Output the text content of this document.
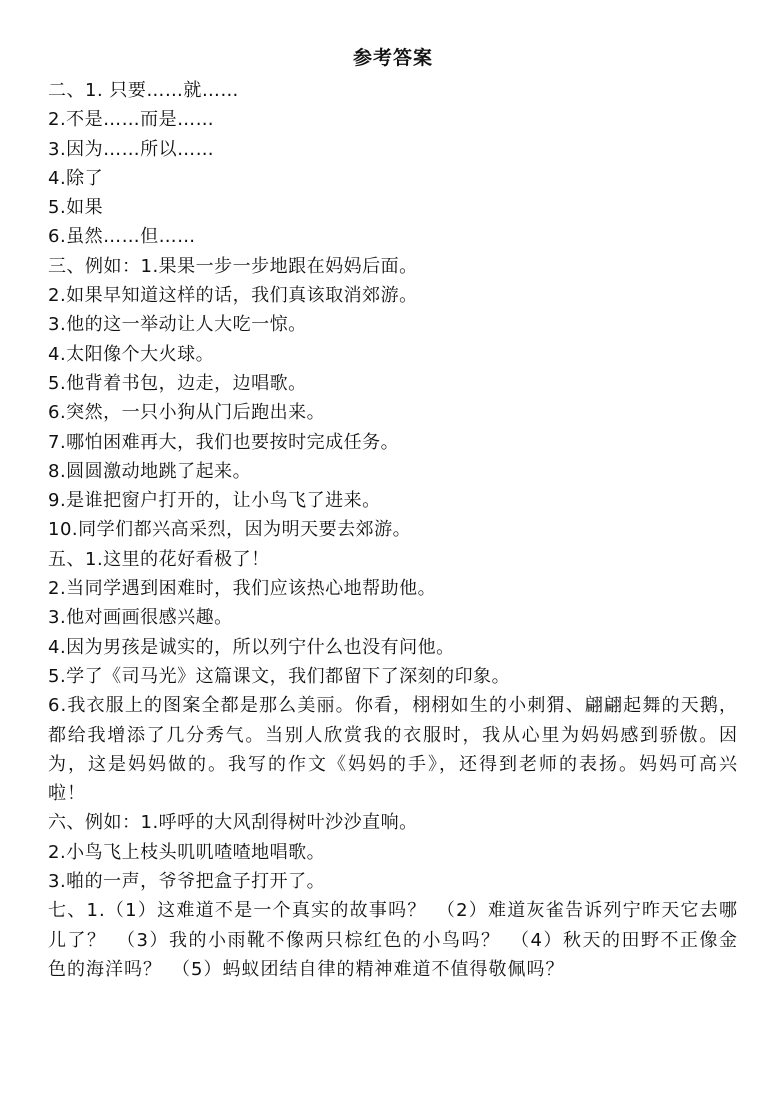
参考答案
二、1. 只要……就……
2.不是……而是……
3.因为……所以……
4.除了
5.如果
6.虽然……但……
三、例如：1.果果一步一步地跟在妈妈后面。
2.如果早知道这样的话，我们真该取消郊游。
3.他的这一举动让人大吃一惊。
4.太阳像个大火球。
5.他背着书包，边走，边唱歌。
6.突然，一只小狗从门后跑出来。
7.哪怕困难再大，我们也要按时完成任务。
8.圆圆激动地跳了起来。
9.是谁把窗户打开的，让小鸟飞了进来。
10.同学们都兴高采烈，因为明天要去郊游。
五、1.这里的花好看极了！
2.当同学遇到困难时，我们应该热心地帮助他。
3.他对画画很感兴趣。
4.因为男孩是诚实的，所以列宁什么也没有问他。
5.学了《司马光》这篇课文，我们都留下了深刻的印象。
6.我衣服上的图案全都是那么美丽。你看，栩栩如生的小刺猬、翩翩起舞的天鹅，都给我增添了几分秀气。当别人欣赏我的衣服时，我从心里为妈妈感到骄傲。因为，这是妈妈做的。我写的作文《妈妈的手》，还得到老师的表扬。妈妈可高兴啦！
六、例如：1.呼呼的大风刮得树叶沙沙直响。
2.小鸟飞上枝头叽叽喳喳地唱歌。
3.啪的一声，爷爷把盒子打开了。
七、1.（1）这难道不是一个真实的故事吗？　（2）难道灰雀告诉列宁昨天它去哪儿了？　（3）我的小雨靴不像两只棕红色的小鸟吗？　（4）秋天的田野不正像金色的海洋吗？　（5）蚂蚁团结自律的精神难道不值得敬佩吗？
